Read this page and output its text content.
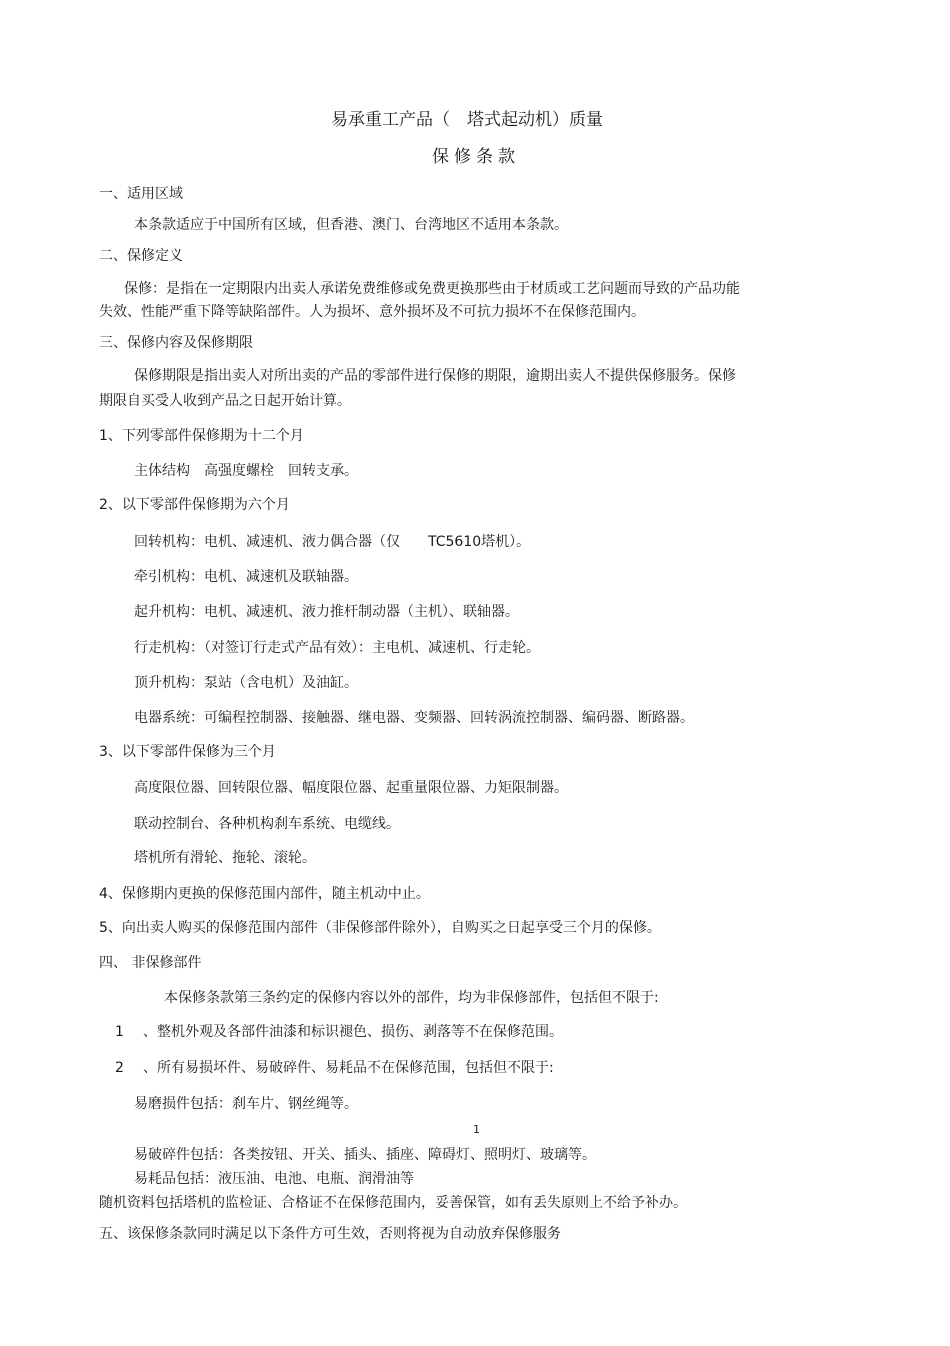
易承重工产品（　塔式起动机）质量
保修条款
一、适用区域
本条款适应于中国所有区域，但香港、澳门、台湾地区不适用本条款。
二、保修定义
保修：是指在一定期限内出卖人承诺免费维修或免费更换那些由于材质或工艺问题而导致的产品功能
失效、性能严重下降等缺陷部件。人为损坏、意外损坏及不可抗力损坏不在保修范围内。
三、保修内容及保修期限
保修期限是指出卖人对所出卖的产品的零部件进行保修的期限，逾期出卖人不提供保修服务。保修
期限自买受人收到产品之日起开始计算。
1、下列零部件保修期为十二个月
主体结构　高强度螺栓　回转支承。
2、以下零部件保修期为六个月
回转机构：电机、减速机、液力偶合器（仅　　TC5610塔机）。
牵引机构：电机、减速机及联轴器。
起升机构：电机、减速机、液力推杆制动器（主机）、联轴器。
行走机构：（对签订行走式产品有效）：主电机、减速机、行走轮。
顶升机构：泵站（含电机）及油缸。
电器系统：可编程控制器、接触器、继电器、变频器、回转涡流控制器、编码器、断路器。
3、以下零部件保修为三个月
高度限位器、回转限位器、幅度限位器、起重量限位器、力矩限制器。
联动控制台、各种机构刹车系统、电缆线。
塔机所有滑轮、拖轮、滚轮。
4、保修期内更换的保修范围内部件，随主机动中止。
5、向出卖人购买的保修范围内部件（非保修部件除外），自购买之日起享受三个月的保修。
四、 非保修部件
本保修条款第三条约定的保修内容以外的部件，均为非保修部件，包括但不限于:
1 、整机外观及各部件油漆和标识褪色、损伤、剥落等不在保修范围。
2 、所有易损坏件、易破碎件、易耗品不在保修范围，包括但不限于:
易磨损件包括：刹车片、钢丝绳等。
1
易破碎件包括：各类按钮、开关、插头、插座、障碍灯、照明灯、玻璃等。
易耗品包括：液压油、电池、电瓶、润滑油等
随机资料包括塔机的监检证、合格证不在保修范围内，妥善保管，如有丢失原则上不给予补办。
五、该保修条款同时满足以下条件方可生效，否则将视为自动放弃保修服务
